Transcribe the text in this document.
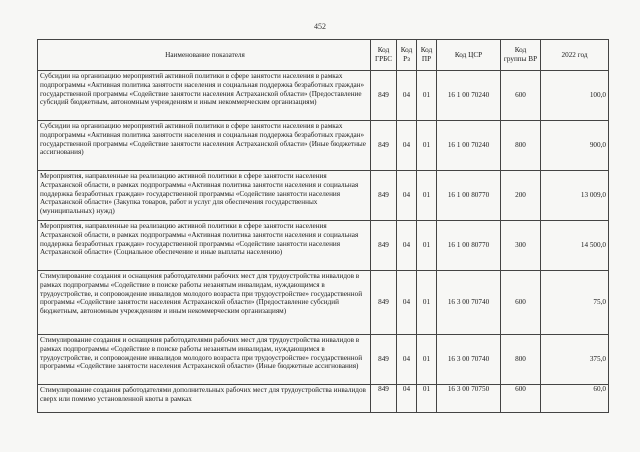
452
Наименование показателя	Код ГРБС	Код Рз	Код ПР	Код ЦСР	Код группы ВР	2022 год
Субсидии на организацию мероприятий активной политики в сфере занятости населения в рамках подпрограммы «Активная политика занятости населения и социальная поддержка безработных граждан» государственной программы «Содействие занятости населения Астраханской области» (Предоставление субсидий бюджетным, автономным учреждениям и иным некоммерческим организациям)	849	04	01	16 1 00 70240	600	100,0
Субсидии на организацию мероприятий активной политики в сфере занятости населения в рамках подпрограммы «Активная политика занятости населения и социальная поддержка безработных граждан» государственной программы «Содействие занятости населения Астраханской области» (Иные бюджетные ассигнования)	849	04	01	16 1 00 70240	800	900,0
Мероприятия, направленные на реализацию активной политики в сфере занятости населения Астраханской области, в рамках подпрограммы «Активная политика занятости населения и социальная поддержка безработных граждан» государственной программы «Содействие занятости населения Астраханской области» (Закупка товаров, работ и услуг для обеспечения государственных (муниципальных) нужд)	849	04	01	16 1 00 80770	200	13 009,0
Мероприятия, направленные на реализацию активной политики в сфере занятости населения Астраханской области, в рамках подпрограммы «Активная политика занятости населения и социальная поддержка безработных граждан» государственной программы «Содействие занятости населения Астраханской области» (Социальное обеспечение и иные выплаты населению)	849	04	01	16 1 00 80770	300	14 500,0
Стимулирование создания и оснащения работодателями рабочих мест для трудоустройства инвалидов в рамках подпрограммы «Содействие в поиске работы незанятым инвалидам, нуждающимся в трудоустройстве, и сопровождение инвалидов молодого возраста при трудоустройстве» государственной программы «Содействие занятости населения Астраханской области» (Предоставление субсидий бюджетным, автономным учреждениям и иным некоммерческим организациям)	849	04	01	16 3 00 70740	600	75,0
Стимулирование создания и оснащения работодателями рабочих мест для трудоустройства инвалидов в рамках подпрограммы «Содействие в поиске работы незанятым инвалидам, нуждающимся в трудоустройстве, и сопровождение инвалидов молодого возраста при трудоустройстве» государственной программы «Содействие занятости населения Астраханской области» (Иные бюджетные ассигнования)	849	04	01	16 3 00 70740	800	375,0
Стимулирование создания работодателями дополнительных рабочих мест для трудоустройства инвалидов сверх или помимо установленной квоты в рамках	849	04	01	16 3 00 70750	600	60,0
